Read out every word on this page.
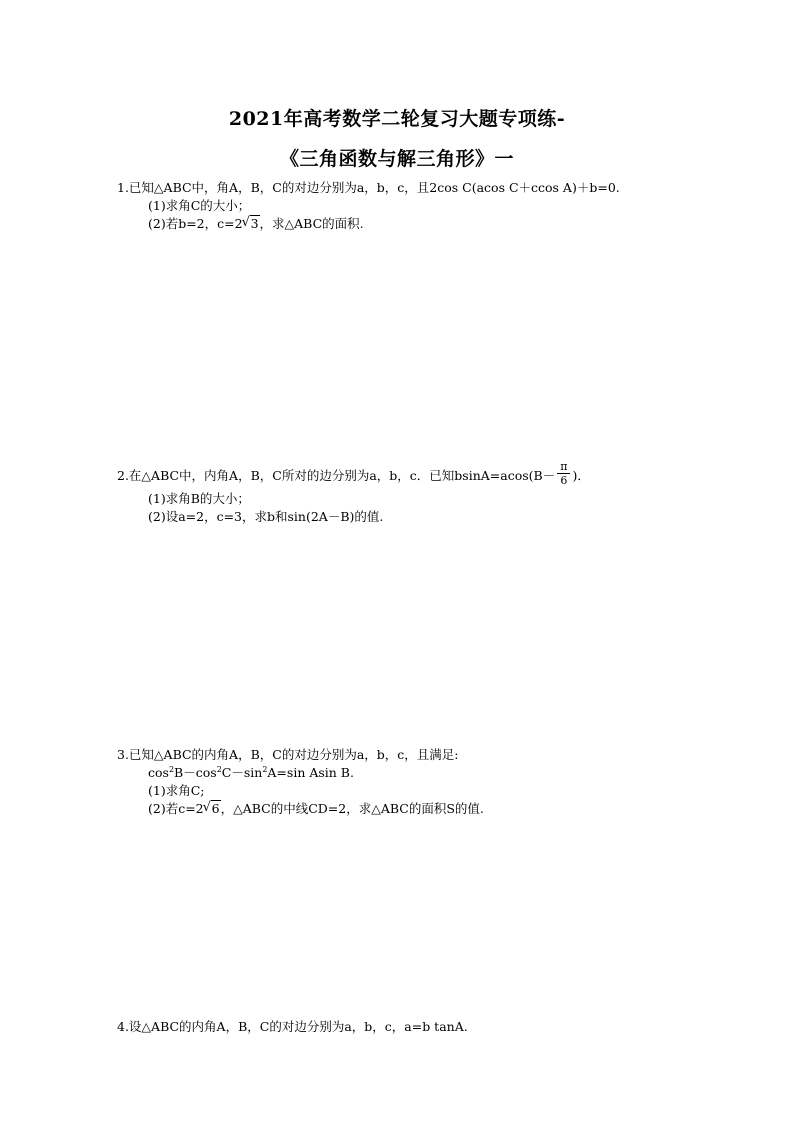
2021年高考数学二轮复习大题专项练-
《三角函数与解三角形》一
1.已知△ABC中，角A，B，C的对边分别为a，b，c，且2cos C(acos C＋ccos A)＋b=0.
(1)求角C的大小；
(2)若b=2，c=2 √ 3，求△ABC的面积.
2.在△ABC中，内角A，B，C所对的边分别为a，b，c．已知$bsinA=acos(B- \frac{\pi}{6}$ )．
(1)求角B的大小；
(2)设a=2，c=3，求b和sin(2A－B)的值.
3.已知△ABC的内角A，B，C的对边分别为a，b，c，且满足:
$\cos^2B-\cos^2C-\sin^2A=\sin$ Asin B.
(1)求角C;
(2)若c=2 √ 6，△ABC的中线CD=2，求△ABC的面积S的值.
4.设△ABC的内角A，B，C的对边分别为a，b，c，a=b tanA.
